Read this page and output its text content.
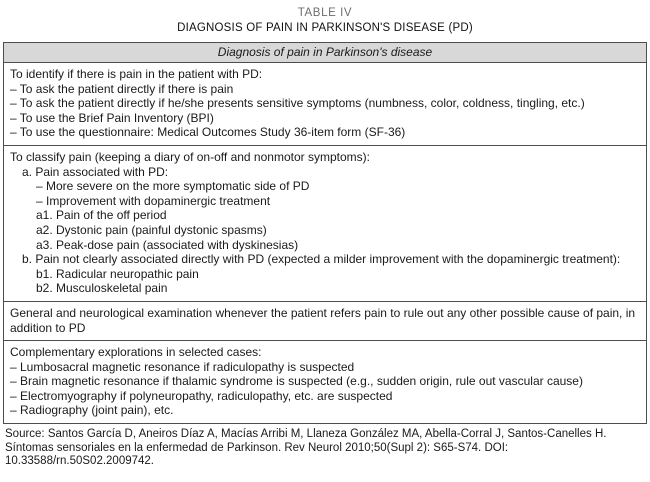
TABLE IV
DIAGNOSIS OF PAIN IN PARKINSON'S DISEASE (PD)
Diagnosis of pain in Parkinson's disease
To identify if there is pain in the patient with PD:
– To ask the patient directly if there is pain
– To ask the patient directly if he/she presents sensitive symptoms (numbness, color, coldness, tingling, etc.)
– To use the Brief Pain Inventory (BPI)
– To use the questionnaire: Medical Outcomes Study 36-item form (SF-36)
To classify pain (keeping a diary of on-off and nonmotor symptoms):
a. Pain associated with PD:
– More severe on the more symptomatic side of PD
– Improvement with dopaminergic treatment
a1. Pain of the off period
a2. Dystonic pain (painful dystonic spasms)
a3. Peak-dose pain (associated with dyskinesias)
b. Pain not clearly associated directly with PD (expected a milder improvement with the dopaminergic treatment):
b1. Radicular neuropathic pain
b2. Musculoskeletal pain
General and neurological examination whenever the patient refers pain to rule out any other possible cause of pain, in addition to PD
Complementary explorations in selected cases:
– Lumbosacral magnetic resonance if radiculopathy is suspected
– Brain magnetic resonance if thalamic syndrome is suspected (e.g., sudden origin, rule out vascular cause)
– Electromyography if polyneuropathy, radiculopathy, etc. are suspected
– Radiography (joint pain), etc.
Source: Santos García D, Aneiros Díaz A, Macías Arribi M, Llaneza González MA, Abella-Corral J, Santos-Canelles H. Síntomas sensoriales en la enfermedad de Parkinson. Rev Neurol 2010;50(Supl 2): S65-S74. DOI: 10.33588/rn.50S02.2009742.
